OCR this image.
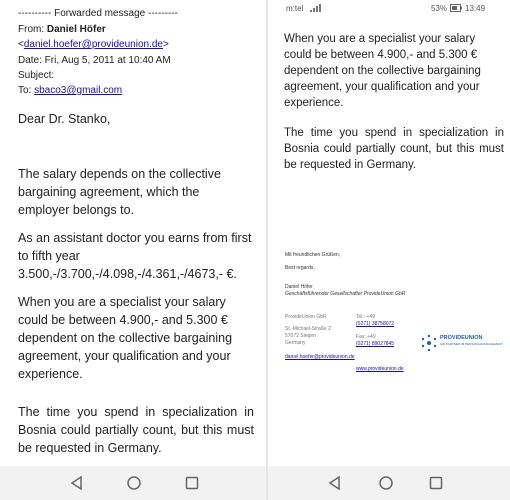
---------- Forwarded message ---------
From: Daniel Höfer
<daniel.hoefer@provideunion.de>
Date: Fri, Aug 5, 2011 at 10:40 AM
Subject:
To: sbaco3@gmail.com
Dear Dr. Stanko,
The salary depends on the collective bargaining agreement, which the employer belongs to.
As an assistant doctor you earns from first to fifth year 3.500,-/3.700,-/4.098,-/4.361,-/4673,- €.
When you are a specialist your salary could be between 4.900,- and 5.300 € dependent on the collective bargaining agreement, your qualification and your experience.
The time you spend in specialization in Bosnia could partially count, but this must be requested in Germany.
m:tel	53% 13:49
When you are a specialist your salary could be between 4.900,- and 5.300 € dependent on the collective bargaining agreement, your qualification and your experience.
The time you spend in specialization in Bosnia could partially count, but this must be requested in Germany.
Mit freundlichen Grüßen,
Best regards,
Daniel Höfer
Geschäftsführender Gesellschafter ProvideUnion GbR
ProvideUnion GbR
St.-Michael-Straße 2
57072 Siegen
Germany
Tel.: +49
(0271) 38758072
Fax: +49
(0271) 89027845
PROVIDEUNION
IHR PARTNER IM PERSONALMANAGEMENT
daniel.hoefer@provideunion.de
www.provideunion.de
